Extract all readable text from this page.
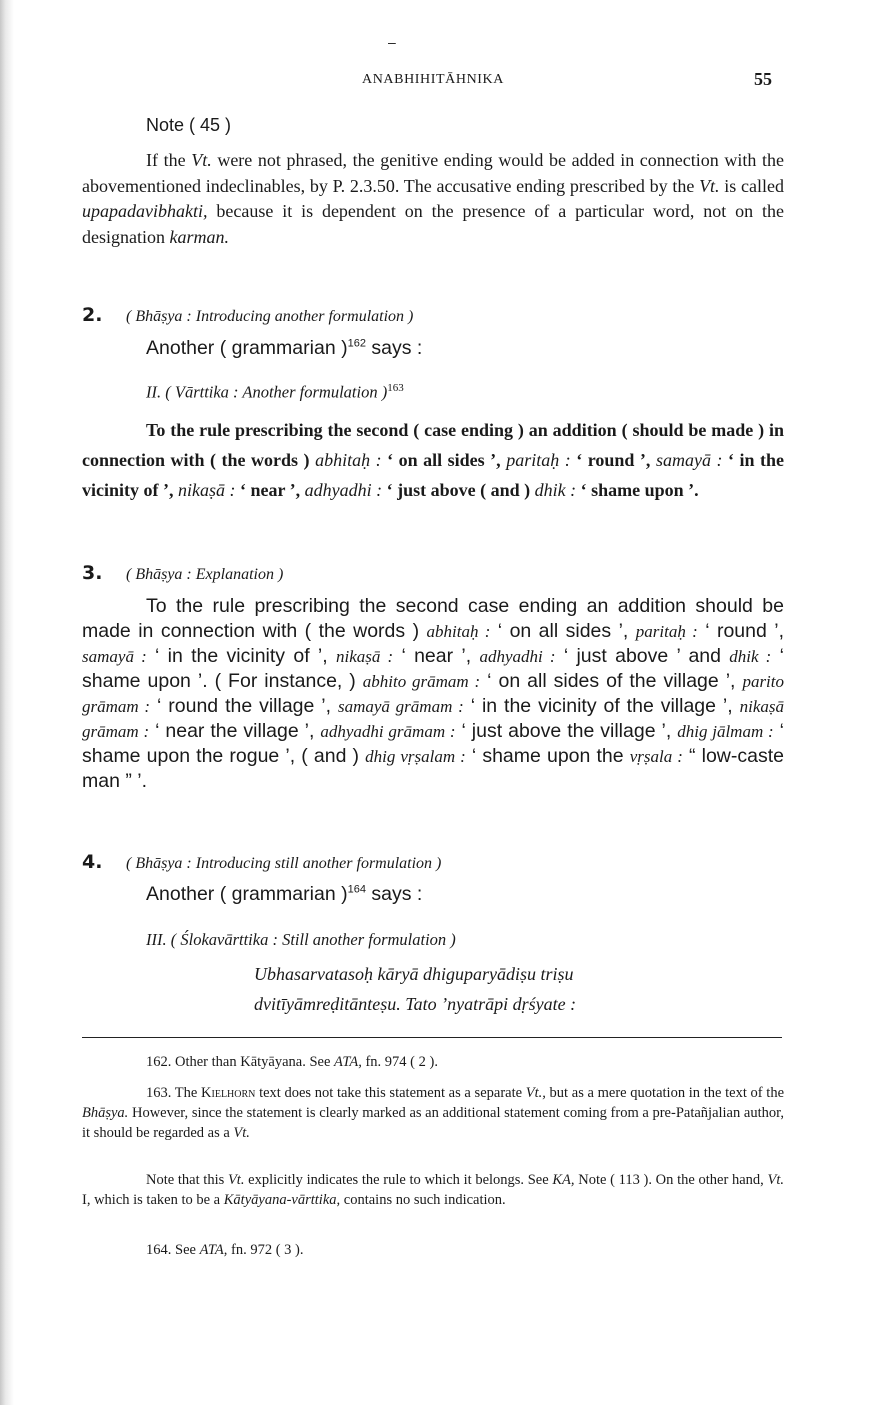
–
ANABHIHITĀHNIKA	55
Note ( 45 )
If the Vt. were not phrased, the genitive ending would be added in connection with the abovementioned indeclinables, by P. 2.3.50. The accusative ending prescribed by the Vt. is called upapadavibhakti, because it is dependent on the presence of a particular word, not on the designation karman.
2. ( Bhāṣya : Introducing another formulation )
Another ( grammarian )$^{162}$ says :
II. ( Vārttika : Another formulation )$^{163}$
To the rule prescribing the second ( case ending ) an addition ( should be made ) in connection with ( the words ) abhitaḥ : ‘ on all sides ’, paritaḥ : ‘ round ’, samayā : ‘ in the vicinity of ’, nikaṣā : ‘ near ’, adhyadhi : ‘ just above ( and ) dhik : ‘ shame upon ’.
3. ( Bhāṣya : Explanation )
To the rule prescribing the second case ending an addition should be made in connection with ( the words ) abhitaḥ : ‘ on all sides ’, paritaḥ : ‘ round ’, samayā : ‘ in the vicinity of ’, nikaṣā : ‘ near ’, adhyadhi : ‘ just above ’ and dhik : ‘ shame upon ’. ( For instance, ) abhito grāmam : ‘ on all sides of the village ’, parito grāmam : ‘ round the village ’, samayā grāmam : ‘ in the vicinity of the village ’, nikaṣā grāmam : ‘ near the village ’, adhyadhi grāmam : ‘ just above the village ’, dhig jālmam : ‘ shame upon the rogue ’, ( and ) dhig vṛṣalam : ‘ shame upon the vṛṣala : “ low-caste man ” ’.
4. ( Bhāṣya : Introducing still another formulation )
Another ( grammarian )$^{164}$ says :
III. ( Ślokavārttika : Still another formulation )
Ubhasarvatasoḥ kāryā dhiguparyādiṣu triṣu
dvitīyāmreḍitānteṣu. Tato ’nyatrāpi dṛśyate :
162. Other than Kātyāyana. See ATA, fn. 974 ( 2 ).
163. The Kielhorn text does not take this statement as a separate Vt., but as a mere quotation in the text of the Bhāṣya. However, since the statement is clearly marked as an additional statement coming from a pre-Patañjalian author, it should be regarded as a Vt.
Note that this Vt. explicitly indicates the rule to which it belongs. See KA, Note ( 113 ). On the other hand, Vt. I, which is taken to be a Kātyāyana-vārttika, contains no such indication.
164. See ATA, fn. 972 ( 3 ).
